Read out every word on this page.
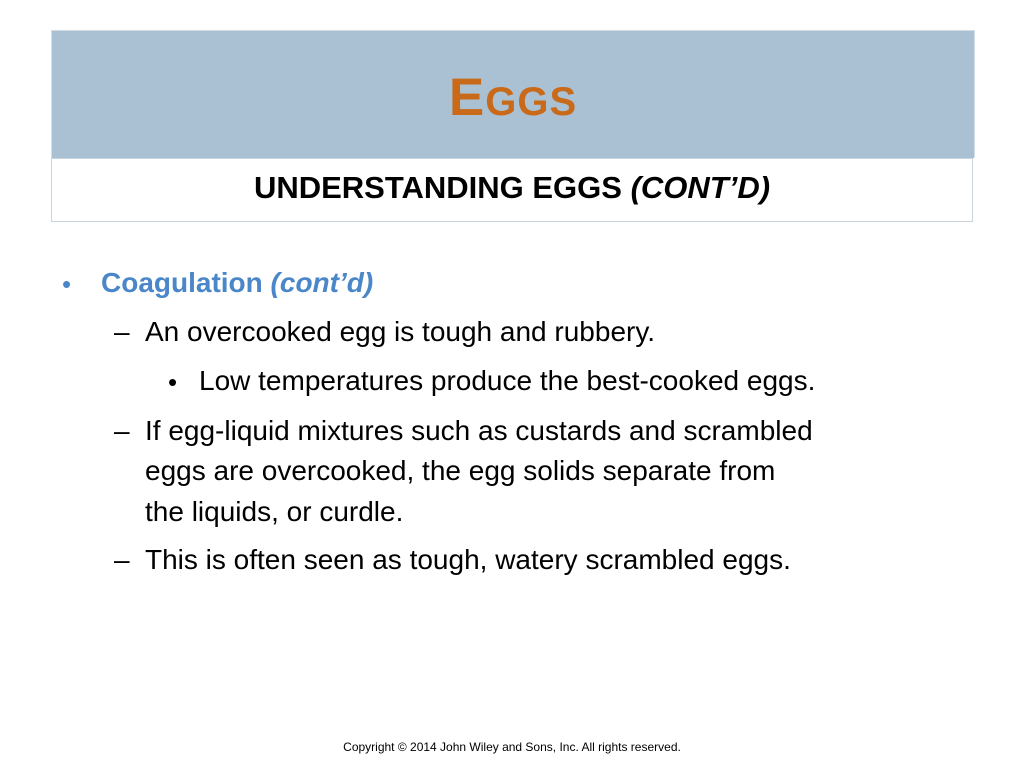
EGGS
UNDERSTANDING EGGS (CONT’D)
• Coagulation (cont’d)
– An overcooked egg is tough and rubbery.
• Low temperatures produce the best-cooked eggs.
– If egg-liquid mixtures such as custards and scrambled
eggs are overcooked, the egg solids separate from
the liquids, or curdle.
– This is often seen as tough, watery scrambled eggs.
Copyright © 2014 John Wiley and Sons, Inc. All rights reserved.
